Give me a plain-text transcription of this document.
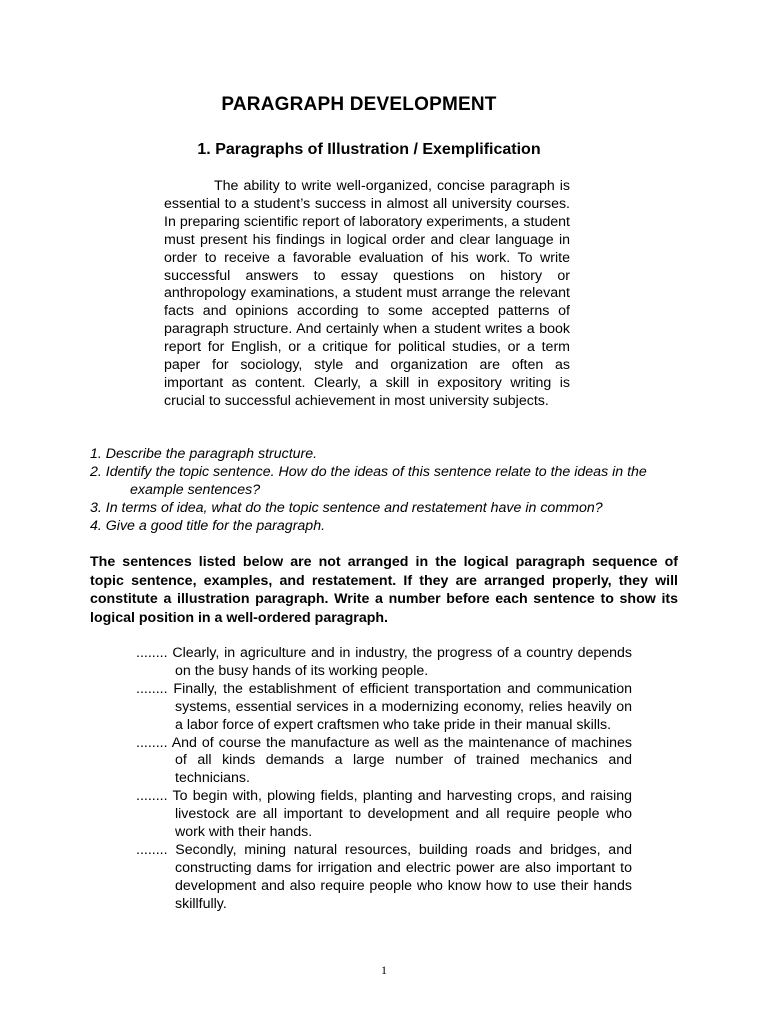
PARAGRAPH DEVELOPMENT
1. Paragraphs of Illustration / Exemplification

The ability to write well-organized, concise paragraph is essential to a student’s success in almost all university courses. In preparing scientific report of laboratory experiments, a student must present his findings in logical order and clear language in order to receive a favorable evaluation of his work. To write successful answers to essay questions on history or anthropology examinations, a student must arrange the relevant facts and opinions according to some accepted patterns of paragraph structure. And certainly when a student writes a book report for English, or a critique for political studies, or a term paper for sociology, style and organization are often as important as content. Clearly, a skill in expository writing is crucial to successful achievement in most university subjects.

1. Describe the paragraph structure.
2. Identify the topic sentence. How do the ideas of this sentence relate to the ideas in the example sentences?
3. In terms of idea, what do the topic sentence and restatement have in common?
4. Give a good title for the paragraph.

The sentences listed below are not arranged in the logical paragraph sequence of topic sentence, examples, and restatement. If they are arranged properly, they will constitute a illustration paragraph. Write a number before each sentence to show its logical position in a well-ordered paragraph.

........ Clearly, in agriculture and in industry, the progress of a country depends on the busy hands of its working people.
........ Finally, the establishment of efficient transportation and communication systems, essential services in a modernizing economy, relies heavily on a labor force of expert craftsmen who take pride in their manual skills.
........ And of course the manufacture as well as the maintenance of machines of all kinds demands a large number of trained mechanics and technicians.
........ To begin with, plowing fields, planting and harvesting crops, and raising livestock are all important to development and all require people who work with their hands.
........ Secondly, mining natural resources, building roads and bridges, and constructing dams for irrigation and electric power are also important to development and also require people who know how to use their hands skillfully.
1
